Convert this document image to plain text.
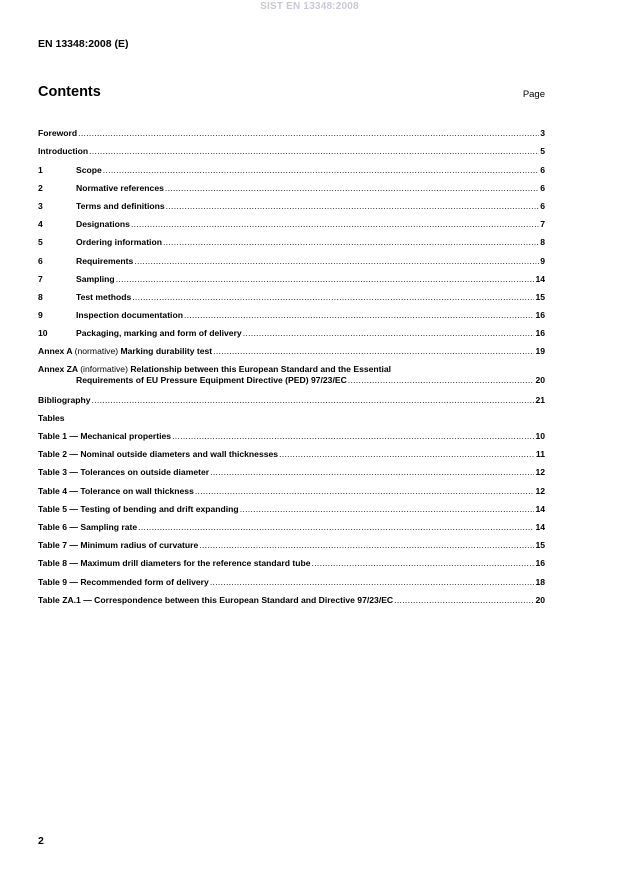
SIST EN 13348:2008
EN 13348:2008 (E)
Contents	Page
Foreword .....	3
Introduction .....	5
1	Scope .....	6
2	Normative references .....	6
3	Terms and definitions .....	6
4	Designations .....	7
5	Ordering information .....	8
6	Requirements .....	9
7	Sampling .....	14
8	Test methods .....	15
9	Inspection documentation .....	16
10	Packaging, marking and form of delivery .....	16
Annex A (normative) Marking durability test .....	19
Annex ZA (informative) Relationship between this European Standard and the Essential
Requirements of EU Pressure Equipment Directive (PED) 97/23/EC .....	20
Bibliography .....	21
Tables
Table 1 — Mechanical properties .....	10
Table 2 — Nominal outside diameters and wall thicknesses .....	11
Table 3 — Tolerances on outside diameter .....	12
Table 4 — Tolerance on wall thickness .....	12
Table 5 — Testing of bending and drift expanding .....	14
Table 6 — Sampling rate .....	14
Table 7 — Minimum radius of curvature .....	15
Table 8 — Maximum drill diameters for the reference standard tube .....	16
Table 9 — Recommended form of delivery .....	18
Table ZA.1 — Correspondence between this European Standard and Directive 97/23/EC .....	20
2
